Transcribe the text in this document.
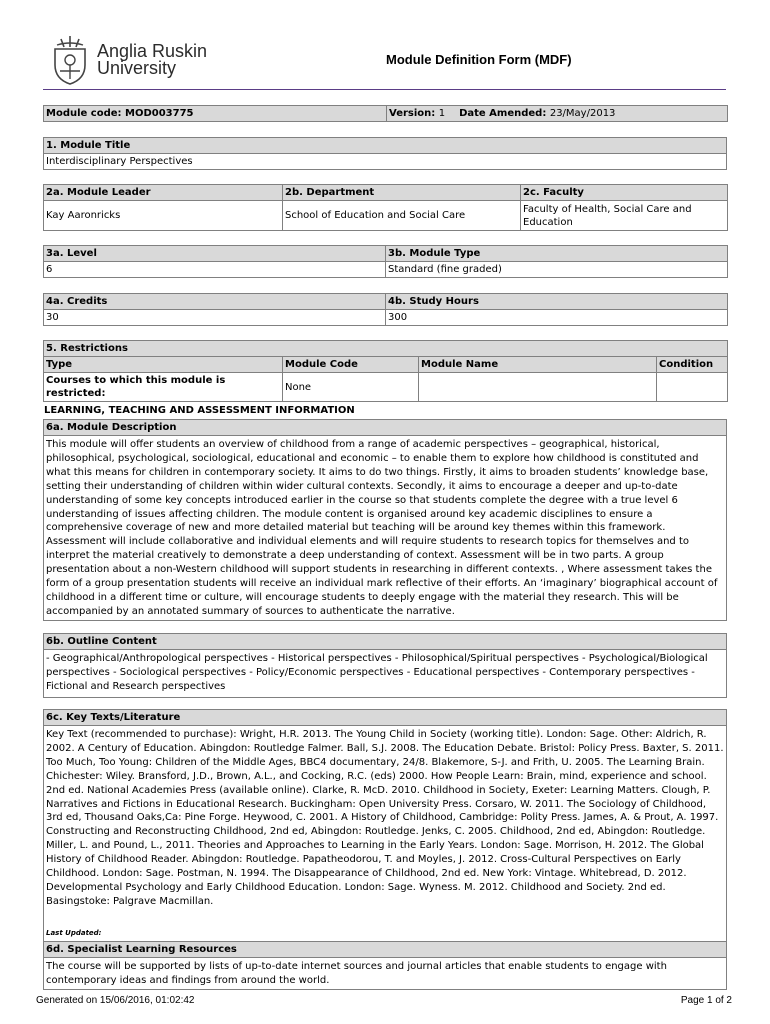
Anglia Ruskin
University	Module Definition Form (MDF)
Module code: MOD003775	Version: 1 Date Amended: 23/May/2013
1. Module Title
Interdisciplinary Perspectives
2a. Module Leader	2b. Department	2c. Faculty
Kay Aaronricks	School of Education and Social Care	Faculty of Health, Social Care and Education
3a. Level	3b. Module Type
6	Standard (fine graded)
4a. Credits	4b. Study Hours
30	300
5. Restrictions			
Type	Module Code	Module Name	Condition
Courses to which this module is restricted:	None		
LEARNING, TEACHING AND ASSESSMENT INFORMATION
6a. Module Description
This module will offer students an overview of childhood from a range of academic perspectives – geographical, historical, philosophical, psychological, sociological, educational and economic – to enable them to explore how childhood is constituted and what this means for children in contemporary society. It aims to do two things. Firstly, it aims to broaden students’ knowledge base, setting their understanding of children within wider cultural contexts. Secondly, it aims to encourage a deeper and up-to-date understanding of some key concepts introduced earlier in the course so that students complete the degree with a true level 6 understanding of issues affecting children. The module content is organised around key academic disciplines to ensure a comprehensive coverage of new and more detailed material but teaching will be around key themes within this framework. Assessment will include collaborative and individual elements and will require students to research topics for themselves and to interpret the material creatively to demonstrate a deep understanding of context. Assessment will be in two parts. A group presentation about a non-Western childhood will support students in researching in different contexts. , Where assessment takes the form of a group presentation students will receive an individual mark reflective of their efforts. An ‘imaginary’ biographical account of childhood in a different time or culture, will encourage students to deeply engage with the material they research. This will be accompanied by an annotated summary of sources to authenticate the narrative.
6b. Outline Content
- Geographical/Anthropological perspectives - Historical perspectives - Philosophical/Spiritual perspectives - Psychological/Biological perspectives - Sociological perspectives - Policy/Economic perspectives - Educational perspectives - Contemporary perspectives - Fictional and Research perspectives
6c. Key Texts/Literature
Key Text (recommended to purchase): Wright, H.R. 2013. The Young Child in Society (working title). London: Sage. Other: Aldrich, R. 2002. A Century of Education. Abingdon: Routledge Falmer. Ball, S.J. 2008. The Education Debate. Bristol: Policy Press. Baxter, S. 2011. Too Much, Too Young: Children of the Middle Ages, BBC4 documentary, 24/8. Blakemore, S-J. and Frith, U. 2005. The Learning Brain. Chichester: Wiley. Bransford, J.D., Brown, A.L., and Cocking, R.C. (eds) 2000. How People Learn: Brain, mind, experience and school. 2nd ed. National Academies Press (available online). Clarke, R. McD. 2010. Childhood in Society, Exeter: Learning Matters. Clough, P. Narratives and Fictions in Educational Research. Buckingham: Open University Press. Corsaro, W. 2011. The Sociology of Childhood, 3rd ed, Thousand Oaks,Ca: Pine Forge. Heywood, C. 2001. A History of Childhood, Cambridge: Polity Press. James, A. & Prout, A. 1997. Constructing and Reconstructing Childhood, 2nd ed, Abingdon: Routledge. Jenks, C. 2005. Childhood, 2nd ed, Abingdon: Routledge. Miller, L. and Pound, L., 2011. Theories and Approaches to Learning in the Early Years. London: Sage. Morrison, H. 2012. The Global History of Childhood Reader. Abingdon: Routledge. Papatheodorou, T. and Moyles, J. 2012. Cross-Cultural Perspectives on Early Childhood. London: Sage. Postman, N. 1994. The Disappearance of Childhood, 2nd ed. New York: Vintage. Whitebread, D. 2012. Developmental Psychology and Early Childhood Education. London: Sage. Wyness. M. 2012. Childhood and Society. 2nd ed. Basingstoke: Palgrave Macmillan.
Last Updated:
6d. Specialist Learning Resources
The course will be supported by lists of up-to-date internet sources and journal articles that enable students to engage with contemporary ideas and findings from around the world.
Generated on 15/06/2016, 01:02:42	Page 1 of 2
